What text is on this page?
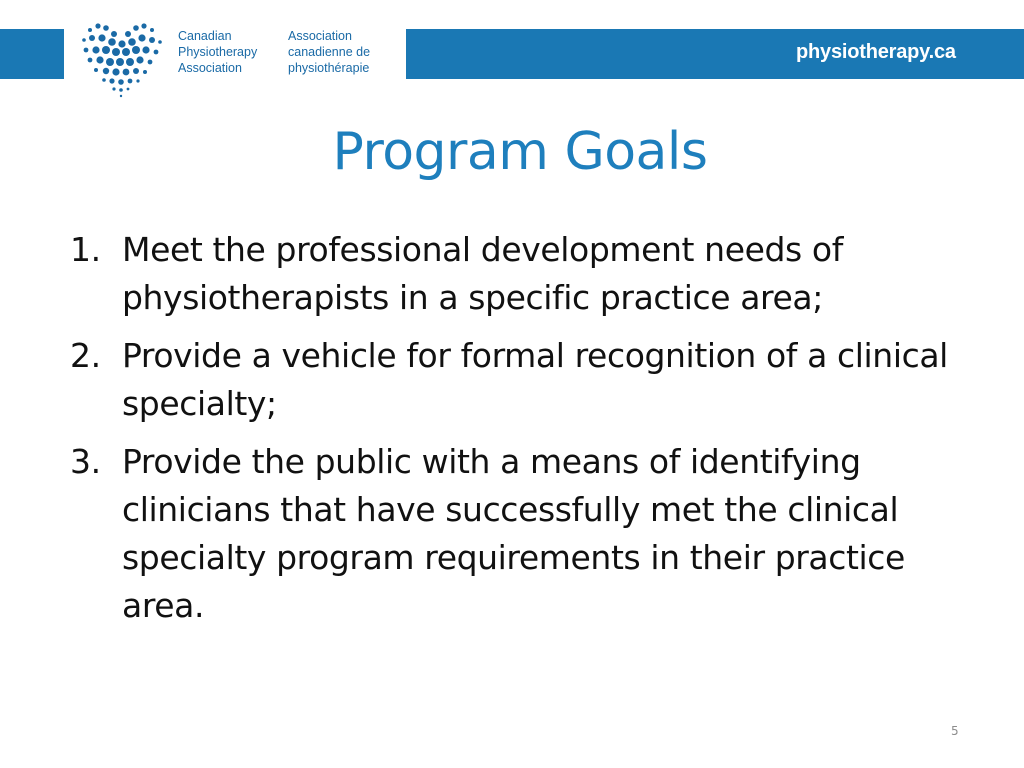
Canadian
Physiotherapy
Association
Association
canadienne de
physiothérapie
physiotherapy.ca
Program Goals
1. Meet the professional development needs of physiotherapists in a specific practice area;
2. Provide a vehicle for formal recognition of a clinical specialty;
3. Provide the public with a means of identifying clinicians that have successfully met the clinical specialty program requirements in their practice area.
5
